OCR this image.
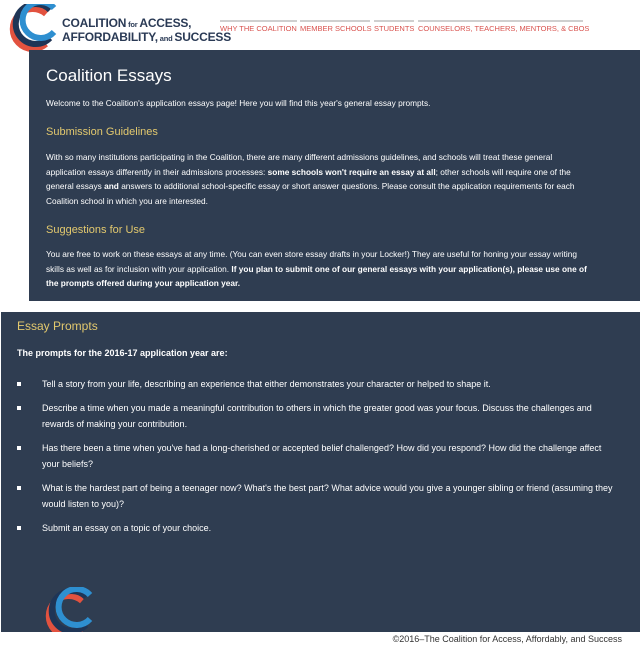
COALITION for ACCESS,
AFFORDABILITY, and SUCCESS
WHY THE COALITION MEMBER SCHOOLS STUDENTS COUNSELORS, TEACHERS, MENTORS, & CBOS
Coalition Essays

Welcome to the Coalition's application essays page! Here you will find this year's general essay prompts.

Submission Guidelines

With so many institutions participating in the Coalition, there are many different admissions guidelines, and schools will treat these general application essays differently in their admissions processes: some schools won't require an essay at all; other schools will require one of the general essays and answers to additional school-specific essay or short answer questions. Please consult the application requirements for each Coalition school in which you are interested.

Suggestions for Use

You are free to work on these essays at any time. (You can even store essay drafts in your Locker!) They are useful for honing your essay writing skills as well as for inclusion with your application. If you plan to submit one of our general essays with your application(s), please use one of the prompts offered during your application year.

Essay Prompts
The prompts for the 2016-17 application year are:
Tell a story from your life, describing an experience that either demonstrates your character or helped to shape it.
Describe a time when you made a meaningful contribution to others in which the greater good was your focus. Discuss the challenges and rewards of making your contribution.
Has there been a time when you've had a long-cherished or accepted belief challenged? How did you respond? How did the challenge affect your beliefs?
What is the hardest part of being a teenager now? What's the best part? What advice would you give a younger sibling or friend (assuming they would listen to you)?
Submit an essay on a topic of your choice.
©2016–The Coalition for Access, Affordably, and Success
